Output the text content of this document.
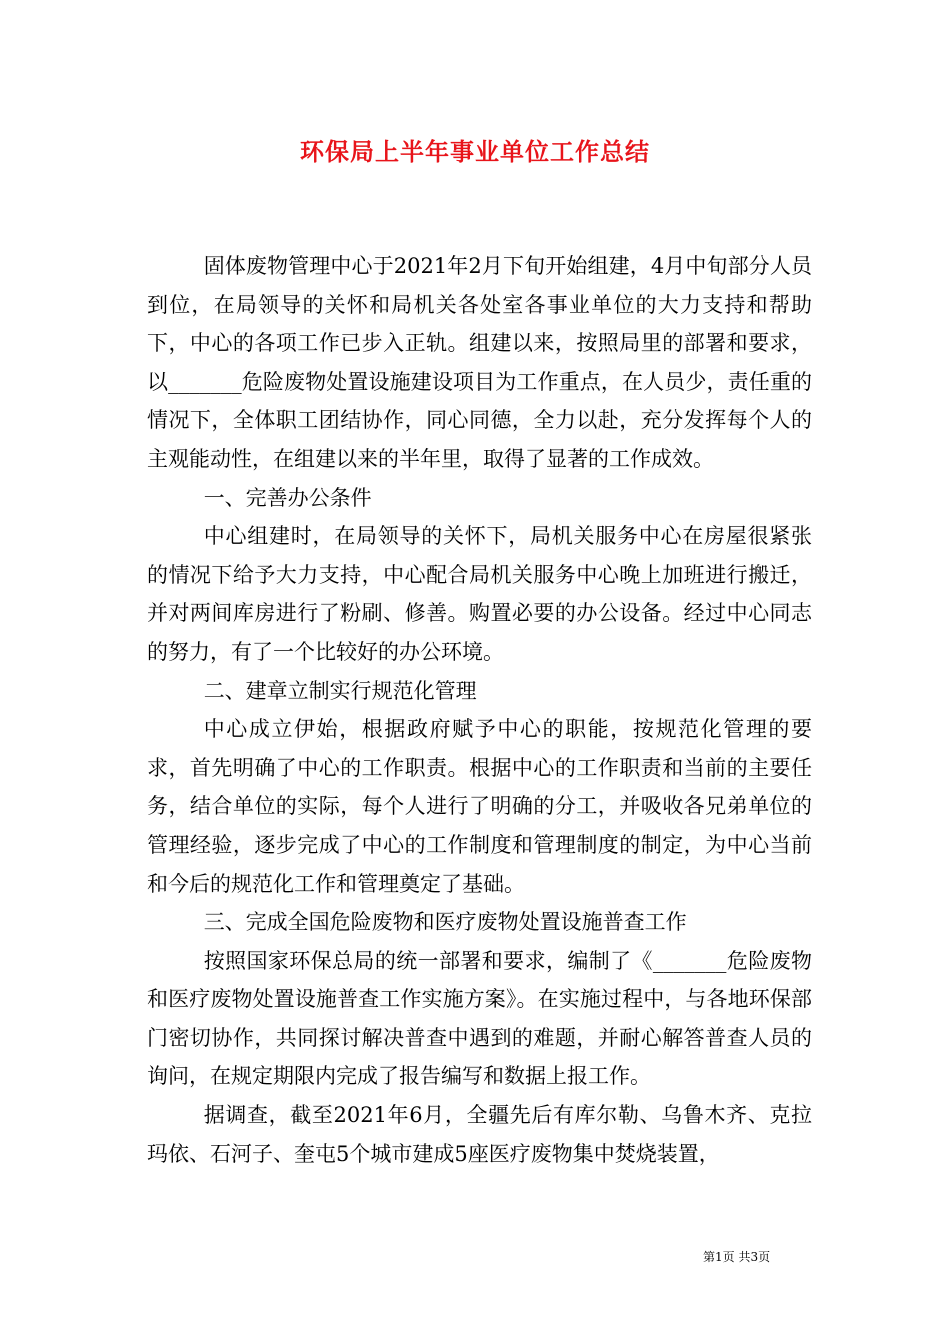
环保局上半年事业单位工作总结

固体废物管理中心于2021年2月下旬开始组建，4月中旬部分人员到位，在局领导的关怀和局机关各处室各事业单位的大力支持和帮助下，中心的各项工作已步入正轨。组建以来，按照局里的部署和要求，以_______危险废物处置设施建设项目为工作重点，在人员少，责任重的情况下，全体职工团结协作，同心同德，全力以赴，充分发挥每个人的主观能动性，在组建以来的半年里，取得了显著的工作成效。

一、完善办公条件

中心组建时，在局领导的关怀下，局机关服务中心在房屋很紧张的情况下给予大力支持，中心配合局机关服务中心晚上加班进行搬迁，并对两间库房进行了粉刷、修善。购置必要的办公设备。经过中心同志的努力，有了一个比较好的办公环境。

二、建章立制实行规范化管理

中心成立伊始，根据政府赋予中心的职能，按规范化管理的要求，首先明确了中心的工作职责。根据中心的工作职责和当前的主要任务，结合单位的实际，每个人进行了明确的分工，并吸收各兄弟单位的管理经验，逐步完成了中心的工作制度和管理制度的制定，为中心当前和今后的规范化工作和管理奠定了基础。

三、完成全国危险废物和医疗废物处置设施普查工作

按照国家环保总局的统一部署和要求，编制了《_______危险废物和医疗废物处置设施普查工作实施方案》。在实施过程中，与各地环保部门密切协作，共同探讨解决普查中遇到的难题，并耐心解答普查人员的询问，在规定期限内完成了报告编写和数据上报工作。

据调查，截至2021年6月，全疆先后有库尔勒、乌鲁木齐、克拉玛依、石河子、奎屯5个城市建成5座医疗废物集中焚烧装置，

第1页 共3页
